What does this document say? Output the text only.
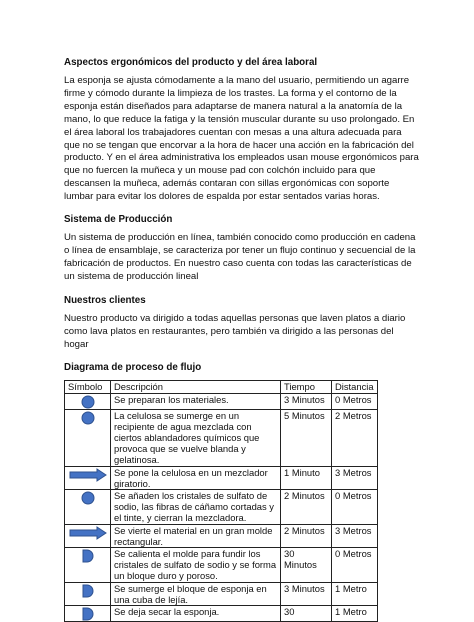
Aspectos ergonómicos del producto y del área laboral

La esponja se ajusta cómodamente a la mano del usuario, permitiendo un agarre firme y cómodo durante la limpieza de los trastes. La forma y el contorno de la esponja están diseñados para adaptarse de manera natural a la anatomía de la mano, lo que reduce la fatiga y la tensión muscular durante su uso prolongado. En el área laboral los trabajadores cuentan con mesas a una altura adecuada para que no se tengan que encorvar a la hora de hacer una acción en la fabricación del producto. Y en el área administrativa los empleados usan mouse ergonómicos para que no fuercen la muñeca y un mouse pad con colchón incluido para que descansen la muñeca, además contaran con sillas ergonómicas con soporte lumbar para evitar los dolores de espalda por estar sentados varias horas.

Sistema de Producción

Un sistema de producción en línea, también conocido como producción en cadena o línea de ensamblaje, se caracteriza por tener un flujo continuo y secuencial de la fabricación de productos. En nuestro caso cuenta con todas las características de un sistema de producción lineal

Nuestros clientes

Nuestro producto va dirigido a todas aquellas personas que laven platos a diario como lava platos en restaurantes, pero también va dirigido a las personas del hogar

Diagrama de proceso de flujo
Símbolo	Descripción	Tiempo	Distancia

	Se preparan los materiales.	3 Minutos	0 Metros

	La celulosa se sumerge en un recipiente de agua mezclada con ciertos ablandadores químicos que provoca que se vuelve blanda y gelatinosa.	5 Minutos	2 Metros

	Se pone la celulosa en un mezclador giratorio.	1 Minuto	3 Metros

	Se añaden los cristales de sulfato de sodio, las fibras de cáñamo cortadas y el tinte, y cierran la mezcladora.	2 Minutos	0 Metros

	Se vierte el material en un gran molde rectangular.	2 Minutos	3 Metros

	Se calienta el molde para fundir los cristales de sulfato de sodio y se forma un bloque duro y poroso.	30 Minutos	0 Metros

	Se sumerge el bloque de esponja en una cuba de lejía.	3 Minutos	1 Metro

	Se deja secar la esponja.	30	1 Metro
